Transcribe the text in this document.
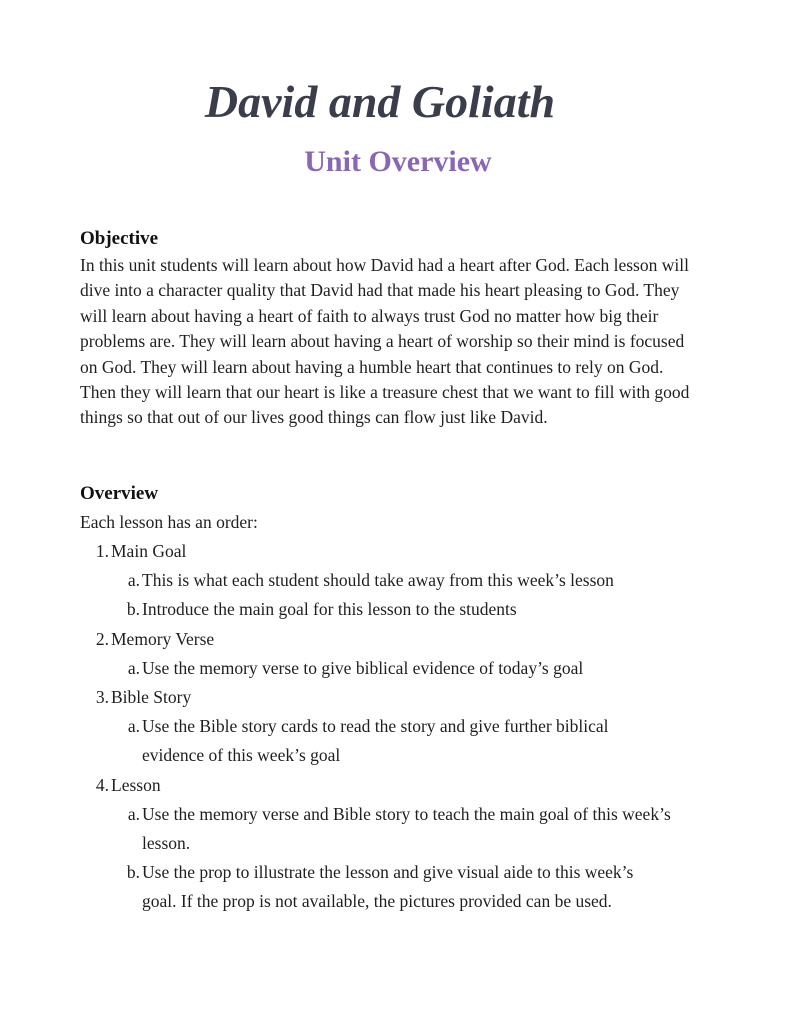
David and Goliath
Unit Overview
Objective

In this unit students will learn about how David had a heart after God. Each lesson will dive into a character quality that David had that made his heart pleasing to God. They will learn about having a heart of faith to always trust God no matter how big their problems are. They will learn about having a heart of worship so their mind is focused on God. They will learn about having a humble heart that continues to rely on God. Then they will learn that our heart is like a treasure chest that we want to fill with good things so that out of our lives good things can flow just like David.

Overview

Each lesson has an order:

1. Main Goal
a. This is what each student should take away from this week’s lesson
b. Introduce the main goal for this lesson to the students
2. Memory Verse
a. Use the memory verse to give biblical evidence of today’s goal
3. Bible Story
a. Use the Bible story cards to read the story and give further biblical evidence of this week’s goal
4. Lesson
a. Use the memory verse and Bible story to teach the main goal of this week’s lesson.
b. Use the prop to illustrate the lesson and give visual aide to this week’s goal. If the prop is not available, the pictures provided can be used.
